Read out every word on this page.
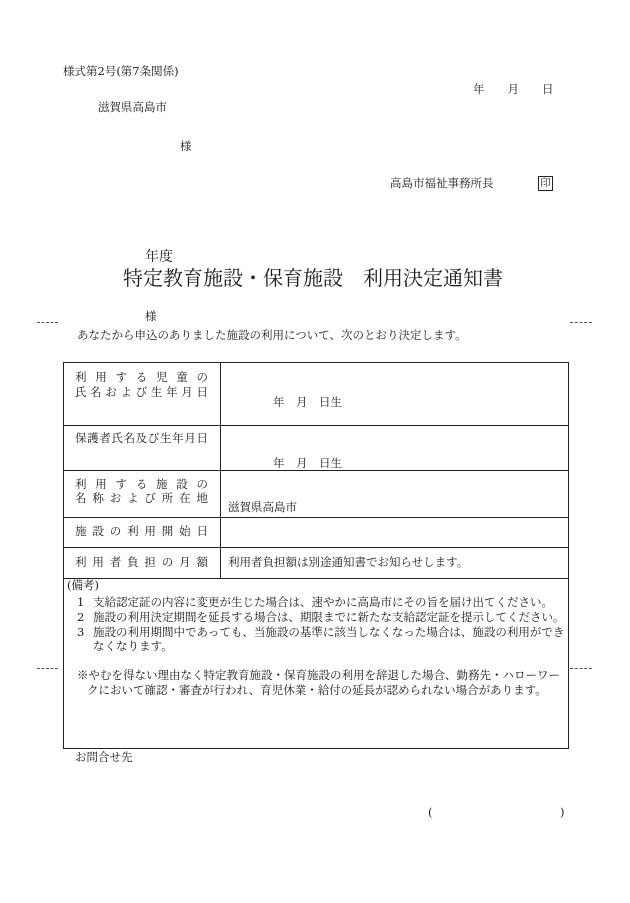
様式第2号(第7条関係)
年　　月　　日
滋賀県高島市
様
高島市福祉事務所長	印
年度
特定教育施設・保育施設　利用決定通知書
様
あなたから申込のありました施設の利用について、次のとおり決定します。
利用する児童の
氏名および生年月日
年　月　日生
保護者氏名及び生年月日
年　月　日生
利用する施設の
名称および所在地
滋賀県高島市
施設の利用開始日
利用者負担の月額 利用者負担額は別途通知書でお知らせします。
(備考)
1 支給認定証の内容に変更が生じた場合は、速やかに高島市にその旨を届け出てください。
2 施設の利用決定期間を延長する場合は、期限までに新たな支給認定証を提示してください。
3 施設の利用期間中であっても、当施設の基準に該当しなくなった場合は、施設の利用ができ
なくなります。
※やむを得ない理由なく特定教育施設・保育施設の利用を辞退した場合、勤務先・ハローワー
クにおいて確認・審査が行われ、育児休業・給付の延長が認められない場合があります。
お問合せ先
(	)
